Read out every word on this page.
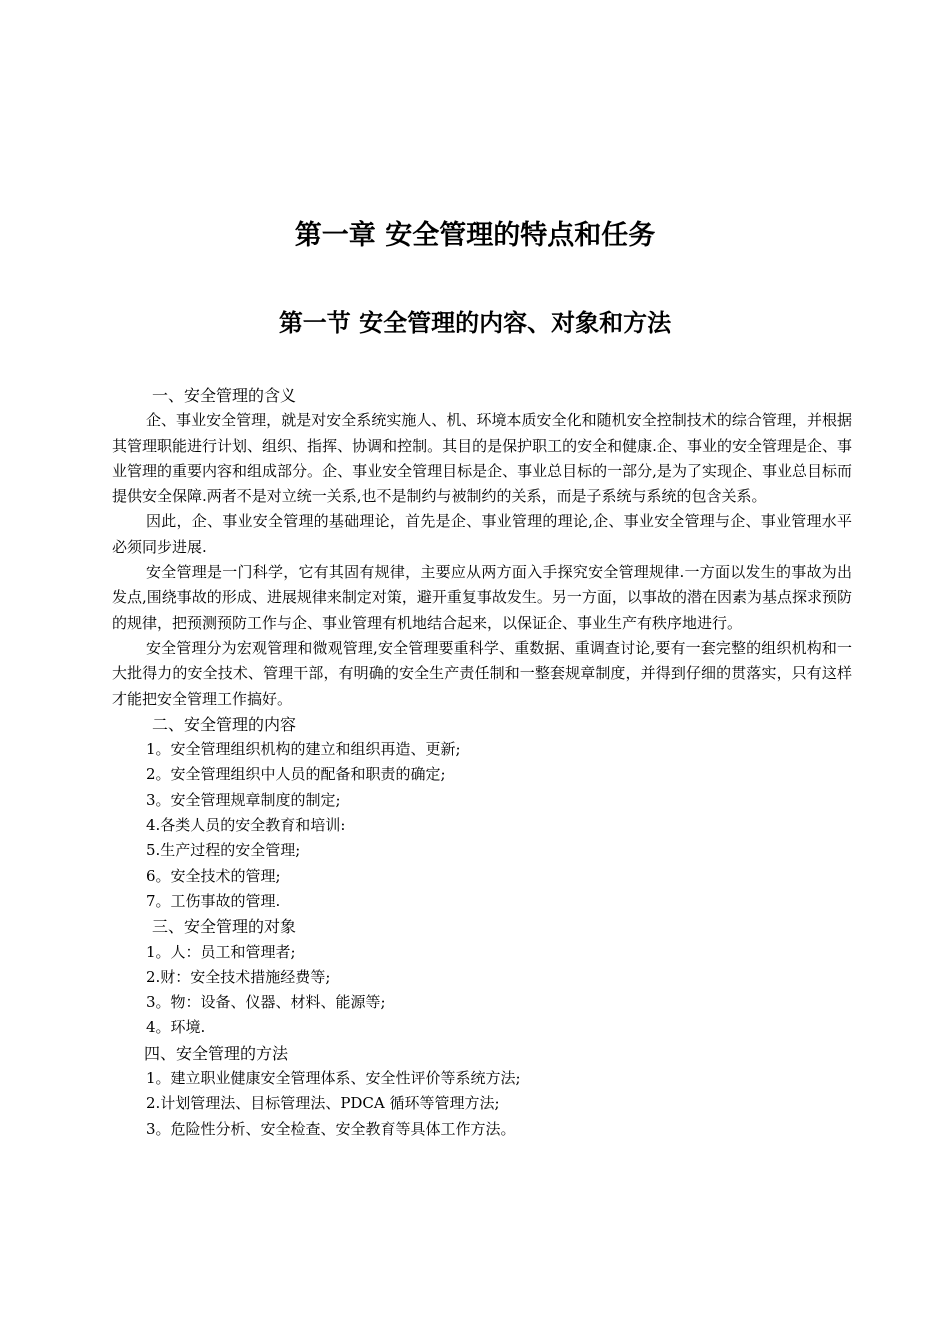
第一章 安全管理的特点和任务
第一节 安全管理的内容、对象和方法
一、安全管理的含义

企、事业安全管理，就是对安全系统实施人、机、环境本质安全化和随机安全控制技术的综合管理，并根据其管理职能进行计划、组织、指挥、协调和控制。其目的是保护职工的安全和健康.企、事业的安全管理是企、事业管理的重要内容和组成部分。企、事业安全管理目标是企、事业总目标的一部分,是为了实现企、事业总目标而提供安全保障.两者不是对立统一关系,也不是制约与被制约的关系，而是子系统与系统的包含关系。

因此，企、事业安全管理的基础理论，首先是企、事业管理的理论,企、事业安全管理与企、事业管理水平必须同步进展.

安全管理是一门科学，它有其固有规律，主要应从两方面入手探究安全管理规律.一方面以发生的事故为出发点,围绕事故的形成、进展规律来制定对策，避开重复事故发生。另一方面，以事故的潜在因素为基点探求预防的规律，把预测预防工作与企、事业管理有机地结合起来，以保证企、事业生产有秩序地进行。

安全管理分为宏观管理和微观管理,安全管理要重科学、重数据、重调查讨论,要有一套完整的组织机构和一大批得力的安全技术、管理干部，有明确的安全生产责任制和一整套规章制度，并得到仔细的贯落实，只有这样才能把安全管理工作搞好。

二、安全管理的内容
1。安全管理组织机构的建立和组织再造、更新;
2。安全管理组织中人员的配备和职责的确定;
3。安全管理规章制度的制定;
4.各类人员的安全教育和培训:
5.生产过程的安全管理;
6。安全技术的管理;
7。工伤事故的管理.
三、安全管理的对象
1。人：员工和管理者;
2.财：安全技术措施经费等;
3。物：设备、仪器、材料、能源等;
4。环境.
四、安全管理的方法
1。建立职业健康安全管理体系、安全性评价等系统方法;
2.计划管理法、目标管理法、PDCA 循环等管理方法;
3。危险性分析、安全检查、安全教育等具体工作方法。
